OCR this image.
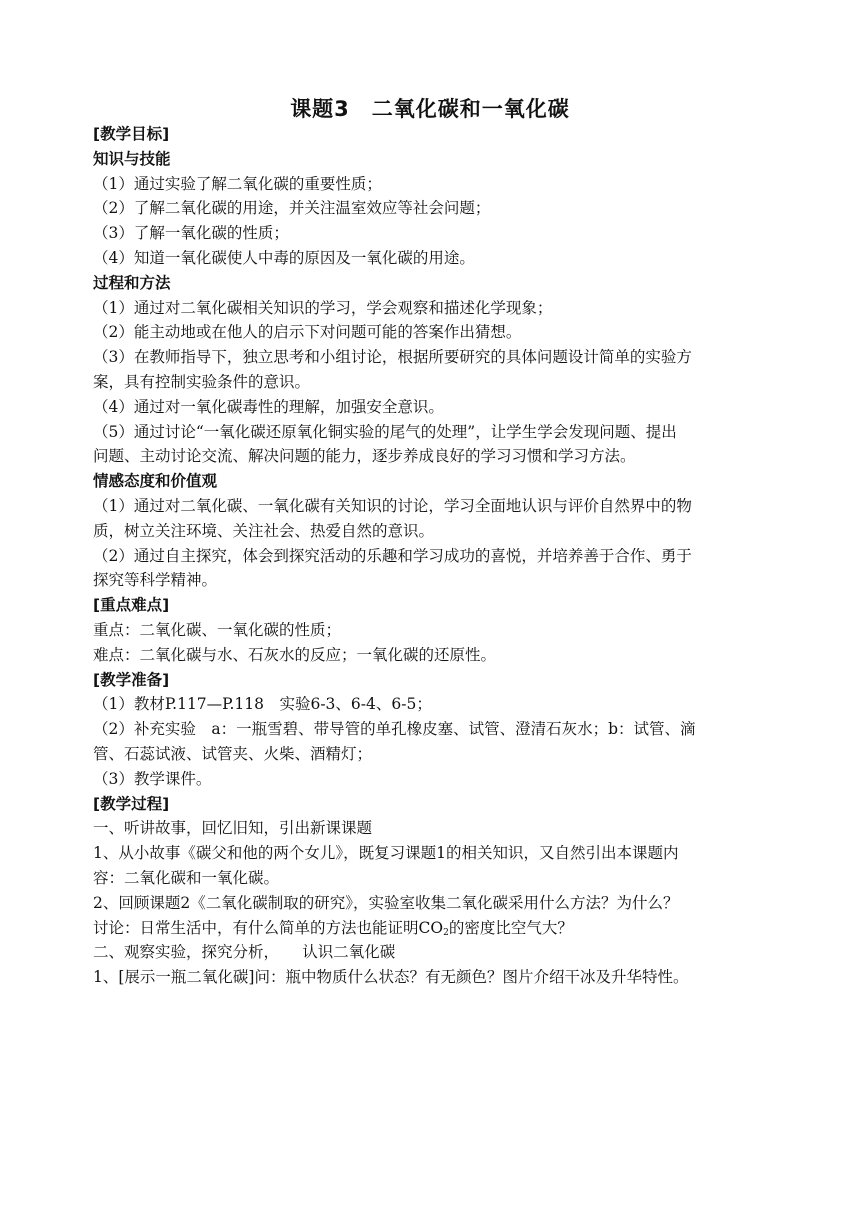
课题3　二氧化碳和一氧化碳
[教学目标]
知识与技能
（1）通过实验了解二氧化碳的重要性质；
（2）了解二氧化碳的用途，并关注温室效应等社会问题；
（3）了解一氧化碳的性质；
（4）知道一氧化碳使人中毒的原因及一氧化碳的用途。
过程和方法
（1）通过对二氧化碳相关知识的学习，学会观察和描述化学现象；
（2）能主动地或在他人的启示下对问题可能的答案作出猜想。
（3）在教师指导下，独立思考和小组讨论，根据所要研究的具体问题设计简单的实验方
案，具有控制实验条件的意识。
（4）通过对一氧化碳毒性的理解，加强安全意识。
（5）通过讨论“一氧化碳还原氧化铜实验的尾气的处理”，让学生学会发现问题、提出
问题、主动讨论交流、解决问题的能力，逐步养成良好的学习习惯和学习方法。
情感态度和价值观
（1）通过对二氧化碳、一氧化碳有关知识的讨论，学习全面地认识与评价自然界中的物
质，树立关注环境、关注社会、热爱自然的意识。
（2）通过自主探究，体会到探究活动的乐趣和学习成功的喜悦，并培养善于合作、勇于
探究等科学精神。
[重点难点]
重点：二氧化碳、一氧化碳的性质；
难点：二氧化碳与水、石灰水的反应；一氧化碳的还原性。
[教学准备]
（1）教材P.117—P.118　实验6-3、6-4、6-5；
（2）补充实验　a：一瓶雪碧、带导管的单孔橡皮塞、试管、澄清石灰水；b：试管、滴
管、石蕊试液、试管夹、火柴、酒精灯；
（3）教学课件。
[教学过程]
一、听讲故事，回忆旧知，引出新课课题
1、从小故事《碳父和他的两个女儿》，既复习课题1的相关知识，又自然引出本课题内
容：二氧化碳和一氧化碳。
2、回顾课题2《二氧化碳制取的研究》，实验室收集二氧化碳采用什么方法？为什么？
讨论：日常生活中，有什么简单的方法也能证明$CO_2$的密度比空气大？
二、观察实验，探究分析，　　认识二氧化碳
1、[展示一瓶二氧化碳]问：瓶中物质什么状态？有无颜色？图片介绍干冰及升华特性。
